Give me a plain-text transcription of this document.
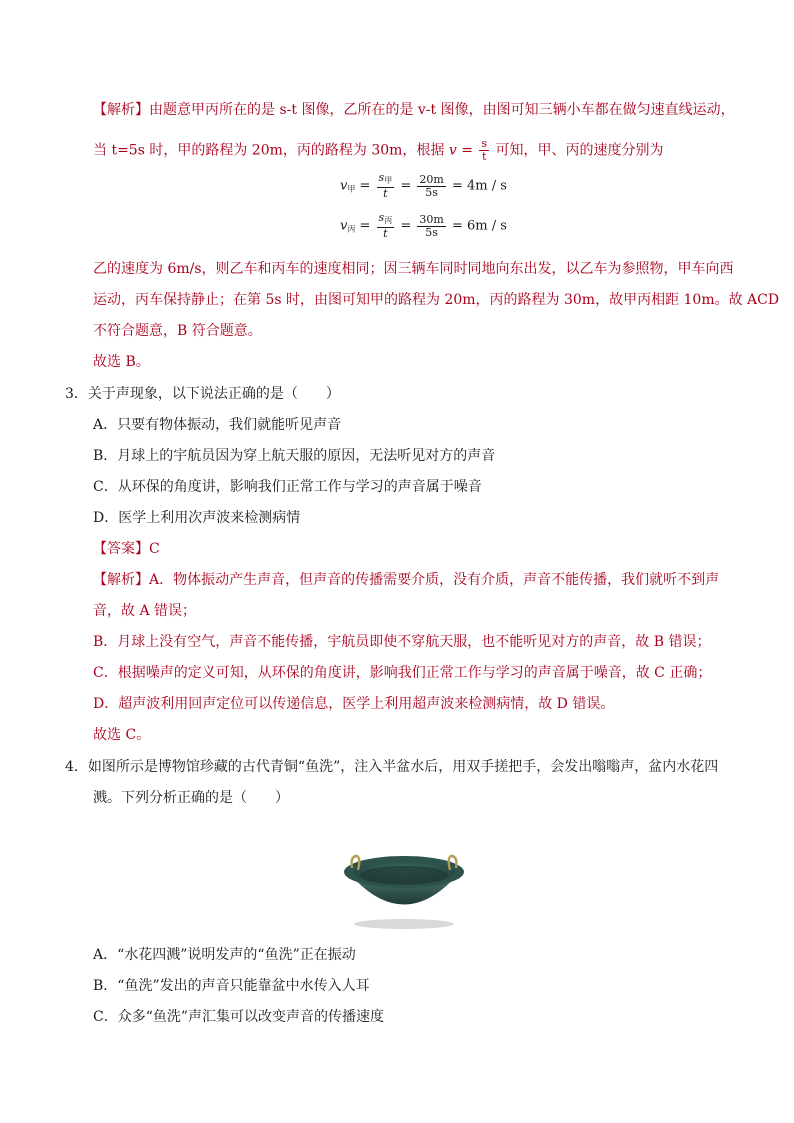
【解析】由题意甲丙所在的是 s-t 图像，乙所在的是 v-t 图像，由图可知三辆小车都在做匀速直线运动，
当 t=5s 时，甲的路程为 20m，丙的路程为 30m，根据 $v = \frac{s}{t}$ 可知，甲、丙的速度分别为
$v_甲 = \frac{s_甲}{t} = \frac{20m}{5s} = 4m / s$
$v_丙 = \frac{s_丙}{t} = \frac{30m}{5s} = 6m / s$
乙的速度为 6m/s，则乙车和丙车的速度相同；因三辆车同时同地向东出发，以乙车为参照物，甲车向西
运动，丙车保持静止；在第 5s 时，由图可知甲的路程为 20m，丙的路程为 30m，故甲丙相距 10m。故 ACD
不符合题意，B 符合题意。
故选 B。
3．关于声现象，以下说法正确的是（　　）
A．只要有物体振动，我们就能听见声音
B．月球上的宇航员因为穿上航天服的原因，无法听见对方的声音
C．从环保的角度讲，影响我们正常工作与学习的声音属于噪音
D．医学上利用次声波来检测病情
【答案】C
【解析】A．物体振动产生声音，但声音的传播需要介质，没有介质，声音不能传播，我们就听不到声
音，故 A 错误；
B．月球上没有空气，声音不能传播，宇航员即使不穿航天服，也不能听见对方的声音，故 B 错误；
C．根据噪声的定义可知，从环保的角度讲，影响我们正常工作与学习的声音属于噪音，故 C 正确；
D．超声波利用回声定位可以传递信息，医学上利用超声波来检测病情，故 D 错误。
故选 C。
4．如图所示是博物馆珍藏的古代青铜“鱼洗”，注入半盆水后，用双手搓把手，会发出嗡嗡声，盆内水花四
溅。下列分析正确的是（　　）
A．“水花四溅”说明发声的“鱼洗”正在振动
B．“鱼洗”发出的声音只能靠盆中水传入人耳
C．众多“鱼洗”声汇集可以改变声音的传播速度
